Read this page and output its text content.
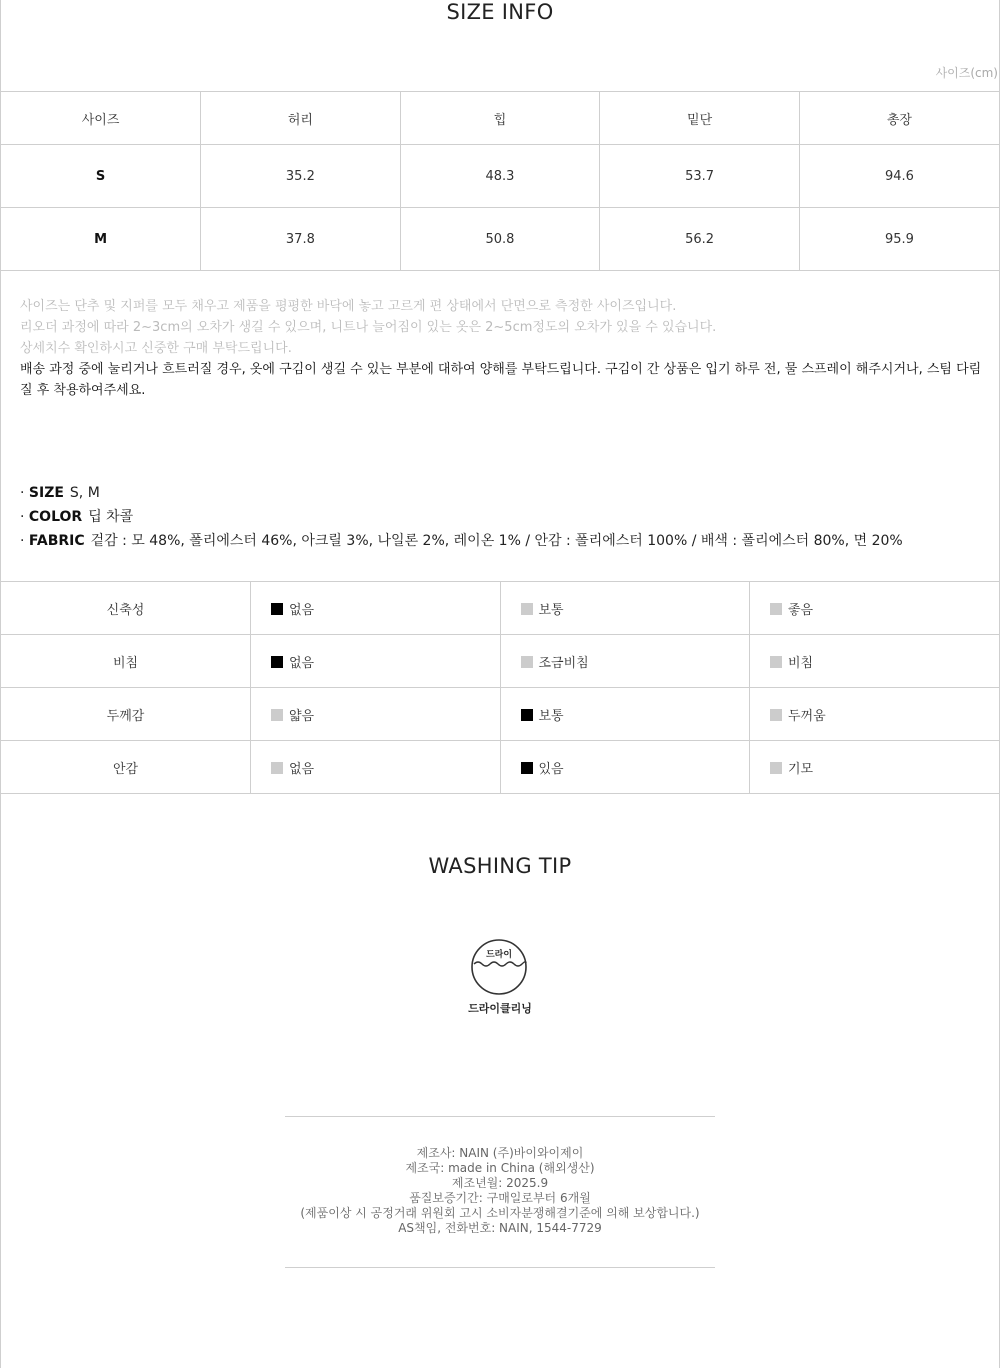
SIZE INFO
사이즈(cm)
사이즈	허리	힙	밑단	총장
S	35.2	48.3	53.7	94.6
M	37.8	50.8	56.2	95.9
사이즈는 단추 및 지퍼를 모두 채우고 제품을 평평한 바닥에 놓고 고르게 편 상태에서 단면으로 측정한 사이즈입니다.
리오더 과정에 따라 2~3cm의 오차가 생길 수 있으며, 니트나 늘어짐이 있는 옷은 2~5cm정도의 오차가 있을 수 있습니다.
상세치수 확인하시고 신중한 구매 부탁드립니다.
배송 과정 중에 눌리거나 흐트러질 경우, 옷에 구김이 생길 수 있는 부분에 대하여 양해를 부탁드립니다. 구김이 간 상품은 입기 하루 전, 물 스프레이 해주시거나, 스팀 다림질 후 착용하여주세요.
· SIZE S, M
· COLOR 딥 차콜
· FABRIC 겉감 : 모 48%, 폴리에스터 46%, 아크릴 3%, 나일론 2%, 레이온 1% / 안감 : 폴리에스터 100% / 배색 : 폴리에스터 80%, 면 20%
신축성	없음	보통	좋음
비침	없음	조금비침	비침
두께감	얇음	보통	두꺼움
안감	없음	있음	기모
WASHING TIP
드라이
드라이클리닝
제조사: NAIN (주)바이와이제이
제조국: made in China (해외생산)
제조년월: 2025.9
품질보증기간: 구매일로부터 6개월
(제품이상 시 공정거래 위원회 고시 소비자분쟁해결기준에 의해 보상합니다.)
AS책임, 전화번호: NAIN, 1544-7729
